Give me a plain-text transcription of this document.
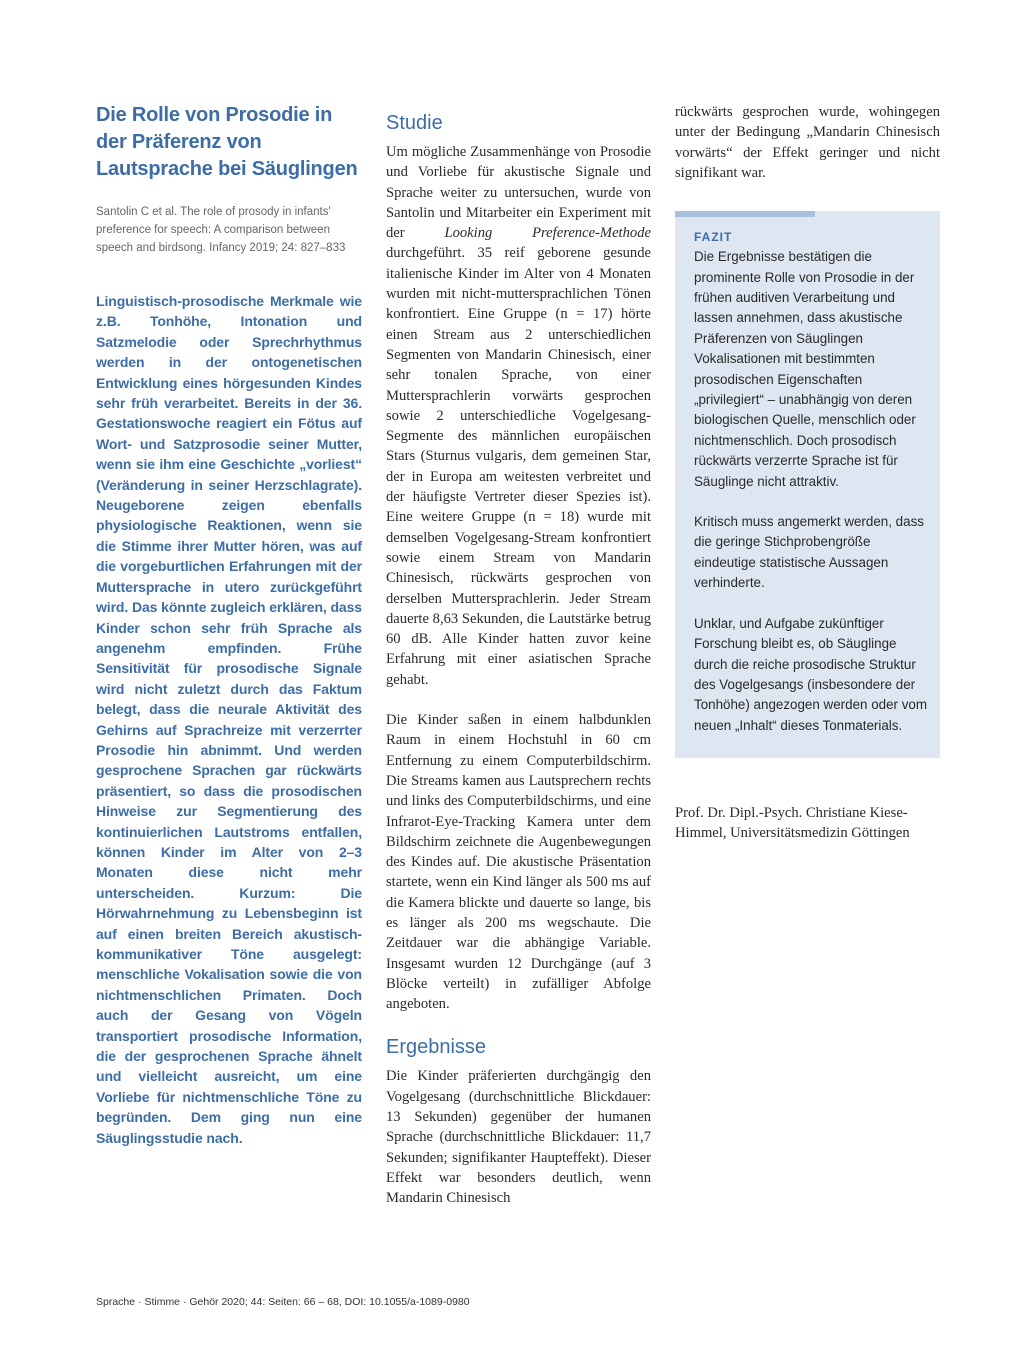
Die Rolle von Prosodie in der Präferenz von Lautsprache bei Säuglingen

Santolin C et al. The role of prosody in infants' preference for speech: A comparison between speech and birdsong. Infancy 2019; 24: 827–833

Linguistisch-prosodische Merkmale wie z.B. Tonhöhe, Intonation und Satzmelodie oder Sprechrhythmus werden in der ontogenetischen Entwicklung eines hörgesunden Kindes sehr früh verarbeitet. Bereits in der 36. Gestationswoche reagiert ein Fötus auf Wort- und Satzprosodie seiner Mutter, wenn sie ihm eine Geschichte „vorliest“ (Veränderung in seiner Herzschlagrate). Neugeborene zeigen ebenfalls physiologische Reaktionen, wenn sie die Stimme ihrer Mutter hören, was auf die vorgeburtlichen Erfahrungen mit der Muttersprache in utero zurückgeführt wird. Das könnte zugleich erklären, dass Kinder schon sehr früh Sprache als angenehm empfinden. Frühe Sensitivität für prosodische Signale wird nicht zuletzt durch das Faktum belegt, dass die neurale Aktivität des Gehirns auf Sprachreize mit verzerrter Prosodie hin abnimmt. Und werden gesprochene Sprachen gar rückwärts präsentiert, so dass die prosodischen Hinweise zur Segmentierung des kontinuierlichen Lautstroms entfallen, können Kinder im Alter von 2–3 Monaten diese nicht mehr unterscheiden. Kurzum: Die Hörwahrnehmung zu Lebensbeginn ist auf einen breiten Bereich akustisch-kommunikativer Töne ausgelegt: menschliche Vokalisation sowie die von nichtmenschlichen Primaten. Doch auch der Gesang von Vögeln transportiert prosodische Information, die der gesprochenen Sprache ähnelt und vielleicht ausreicht, um eine Vorliebe für nichtmenschliche Töne zu begründen. Dem ging nun eine Säuglingsstudie nach.

Studie

Um mögliche Zusammenhänge von Prosodie und Vorliebe für akustische Signale und Sprache weiter zu untersuchen, wurde von Santolin und Mitarbeiter ein Experiment mit der Looking Preference-Methode durchgeführt. 35 reif geborene gesunde italienische Kinder im Alter von 4 Monaten wurden mit nicht-muttersprachlichen Tönen konfrontiert. Eine Gruppe (n = 17) hörte einen Stream aus 2 unterschiedlichen Segmenten von Mandarin Chinesisch, einer sehr tonalen Sprache, von einer Muttersprachlerin vorwärts gesprochen sowie 2 unterschiedliche Vogelgesang-Segmente des männlichen europäischen Stars (Sturnus vulgaris, dem gemeinen Star, der in Europa am weitesten verbreitet und der häufigste Vertreter dieser Spezies ist). Eine weitere Gruppe (n = 18) wurde mit demselben Vogelgesang-Stream konfrontiert sowie einem Stream von Mandarin Chinesisch, rückwärts gesprochen von derselben Muttersprachlerin. Jeder Stream dauerte 8,63 Sekunden, die Lautstärke betrug 60 dB. Alle Kinder hatten zuvor keine Erfahrung mit einer asiatischen Sprache gehabt.

Die Kinder saßen in einem halbdunklen Raum in einem Hochstuhl in 60 cm Entfernung zu einem Computerbildschirm. Die Streams kamen aus Lautsprechern rechts und links des Computerbildschirms, und eine Infrarot-Eye-Tracking Kamera unter dem Bildschirm zeichnete die Augenbewegungen des Kindes auf. Die akustische Präsentation startete, wenn ein Kind länger als 500 ms auf die Kamera blickte und dauerte so lange, bis es länger als 200 ms wegschaute. Die Zeitdauer war die abhängige Variable. Insgesamt wurden 12 Durchgänge (auf 3 Blöcke verteilt) in zufälliger Abfolge angeboten.

Ergebnisse

Die Kinder präferierten durchgängig den Vogelgesang (durchschnittliche Blickdauer: 13 Sekunden) gegenüber der humanen Sprache (durchschnittliche Blickdauer: 11,7 Sekunden; signifikanter Haupteffekt). Dieser Effekt war besonders deutlich, wenn Mandarin Chinesisch

rückwärts gesprochen wurde, wohingegen unter der Bedingung „Mandarin Chinesisch vorwärts“ der Effekt geringer und nicht signifikant war.

FAZIT

Die Ergebnisse bestätigen die prominente Rolle von Prosodie in der frühen auditiven Verarbeitung und lassen annehmen, dass akustische Präferenzen von Säuglingen Vokalisationen mit bestimmten prosodischen Eigenschaften „privilegiert“ – unabhängig von deren biologischen Quelle, menschlich oder nichtmenschlich. Doch prosodisch rückwärts verzerrte Sprache ist für Säuglinge nicht attraktiv.

Kritisch muss angemerkt werden, dass die geringe Stichprobengröße eindeutige statistische Aussagen verhinderte.

Unklar, und Aufgabe zukünftiger Forschung bleibt es, ob Säuglinge durch die reiche prosodische Struktur des Vogelgesangs (insbesondere der Tonhöhe) angezogen werden oder vom neuen „Inhalt“ dieses Tonmaterials.

Prof. Dr. Dipl.-Psych. Christiane Kiese-Himmel, Universitätsmedizin Göttingen
Sprache · Stimme · Gehör 2020; 44: Seiten: 66 – 68, DOI: 10.1055/a-1089-0980
